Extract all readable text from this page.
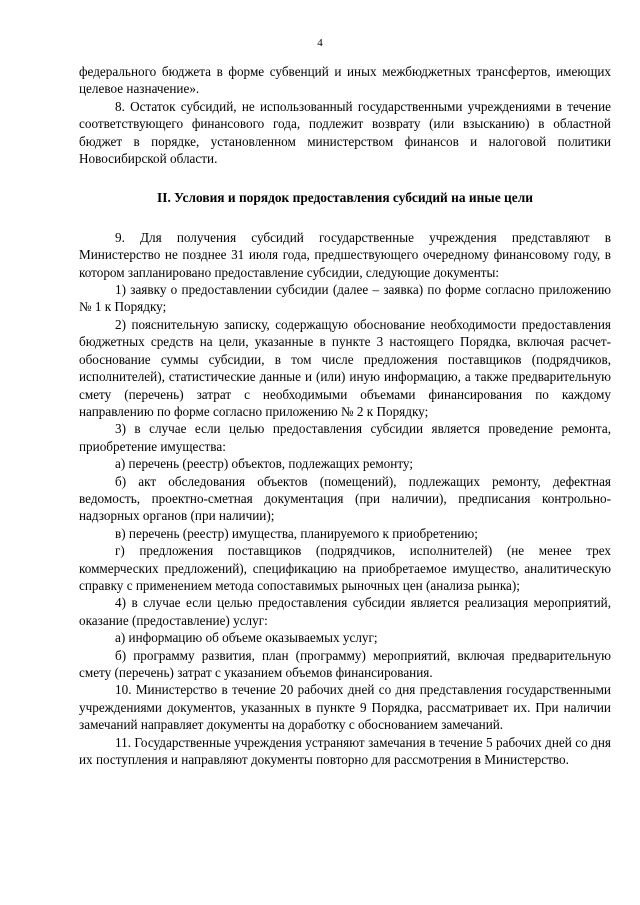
4

федерального бюджета в форме субвенций и иных межбюджетных трансфертов, имеющих целевое назначение».

8. Остаток субсидий, не использованный государственными учреждениями в течение соответствующего финансового года, подлежит возврату (или взысканию) в областной бюджет в порядке, установленном министерством финансов и налоговой политики Новосибирской области.

II. Условия и порядок предоставления субсидий на иные цели

9. Для получения субсидий государственные учреждения представляют в Министерство не позднее 31 июля года, предшествующего очередному финансовому году, в котором запланировано предоставление субсидии, следующие документы:

1) заявку о предоставлении субсидии (далее – заявка) по форме согласно приложению № 1 к Порядку;

2) пояснительную записку, содержащую обоснование необходимости предоставления бюджетных средств на цели, указанные в пункте 3 настоящего Порядка, включая расчет-обоснование суммы субсидии, в том числе предложения поставщиков (подрядчиков, исполнителей), статистические данные и (или) иную информацию, а также предварительную смету (перечень) затрат с необходимыми объемами финансирования по каждому направлению по форме согласно приложению № 2 к Порядку;

3) в случае если целью предоставления субсидии является проведение ремонта, приобретение имущества:

а) перечень (реестр) объектов, подлежащих ремонту;

б) акт обследования объектов (помещений), подлежащих ремонту, дефектная ведомость, проектно-сметная документация (при наличии), предписания контрольно-надзорных органов (при наличии);

в) перечень (реестр) имущества, планируемого к приобретению;

г) предложения поставщиков (подрядчиков, исполнителей) (не менее трех коммерческих предложений), спецификацию на приобретаемое имущество, аналитическую справку с применением метода сопоставимых рыночных цен (анализа рынка);

4) в случае если целью предоставления субсидии является реализация мероприятий, оказание (предоставление) услуг:

а) информацию об объеме оказываемых услуг;

б) программу развития, план (программу) мероприятий, включая предварительную смету (перечень) затрат с указанием объемов финансирования.

10. Министерство в течение 20 рабочих дней со дня представления государственными учреждениями документов, указанных в пункте 9 Порядка, рассматривает их. При наличии замечаний направляет документы на доработку с обоснованием замечаний.

11. Государственные учреждения устраняют замечания в течение 5 рабочих дней со дня их поступления и направляют документы повторно для рассмотрения в Министерство.
